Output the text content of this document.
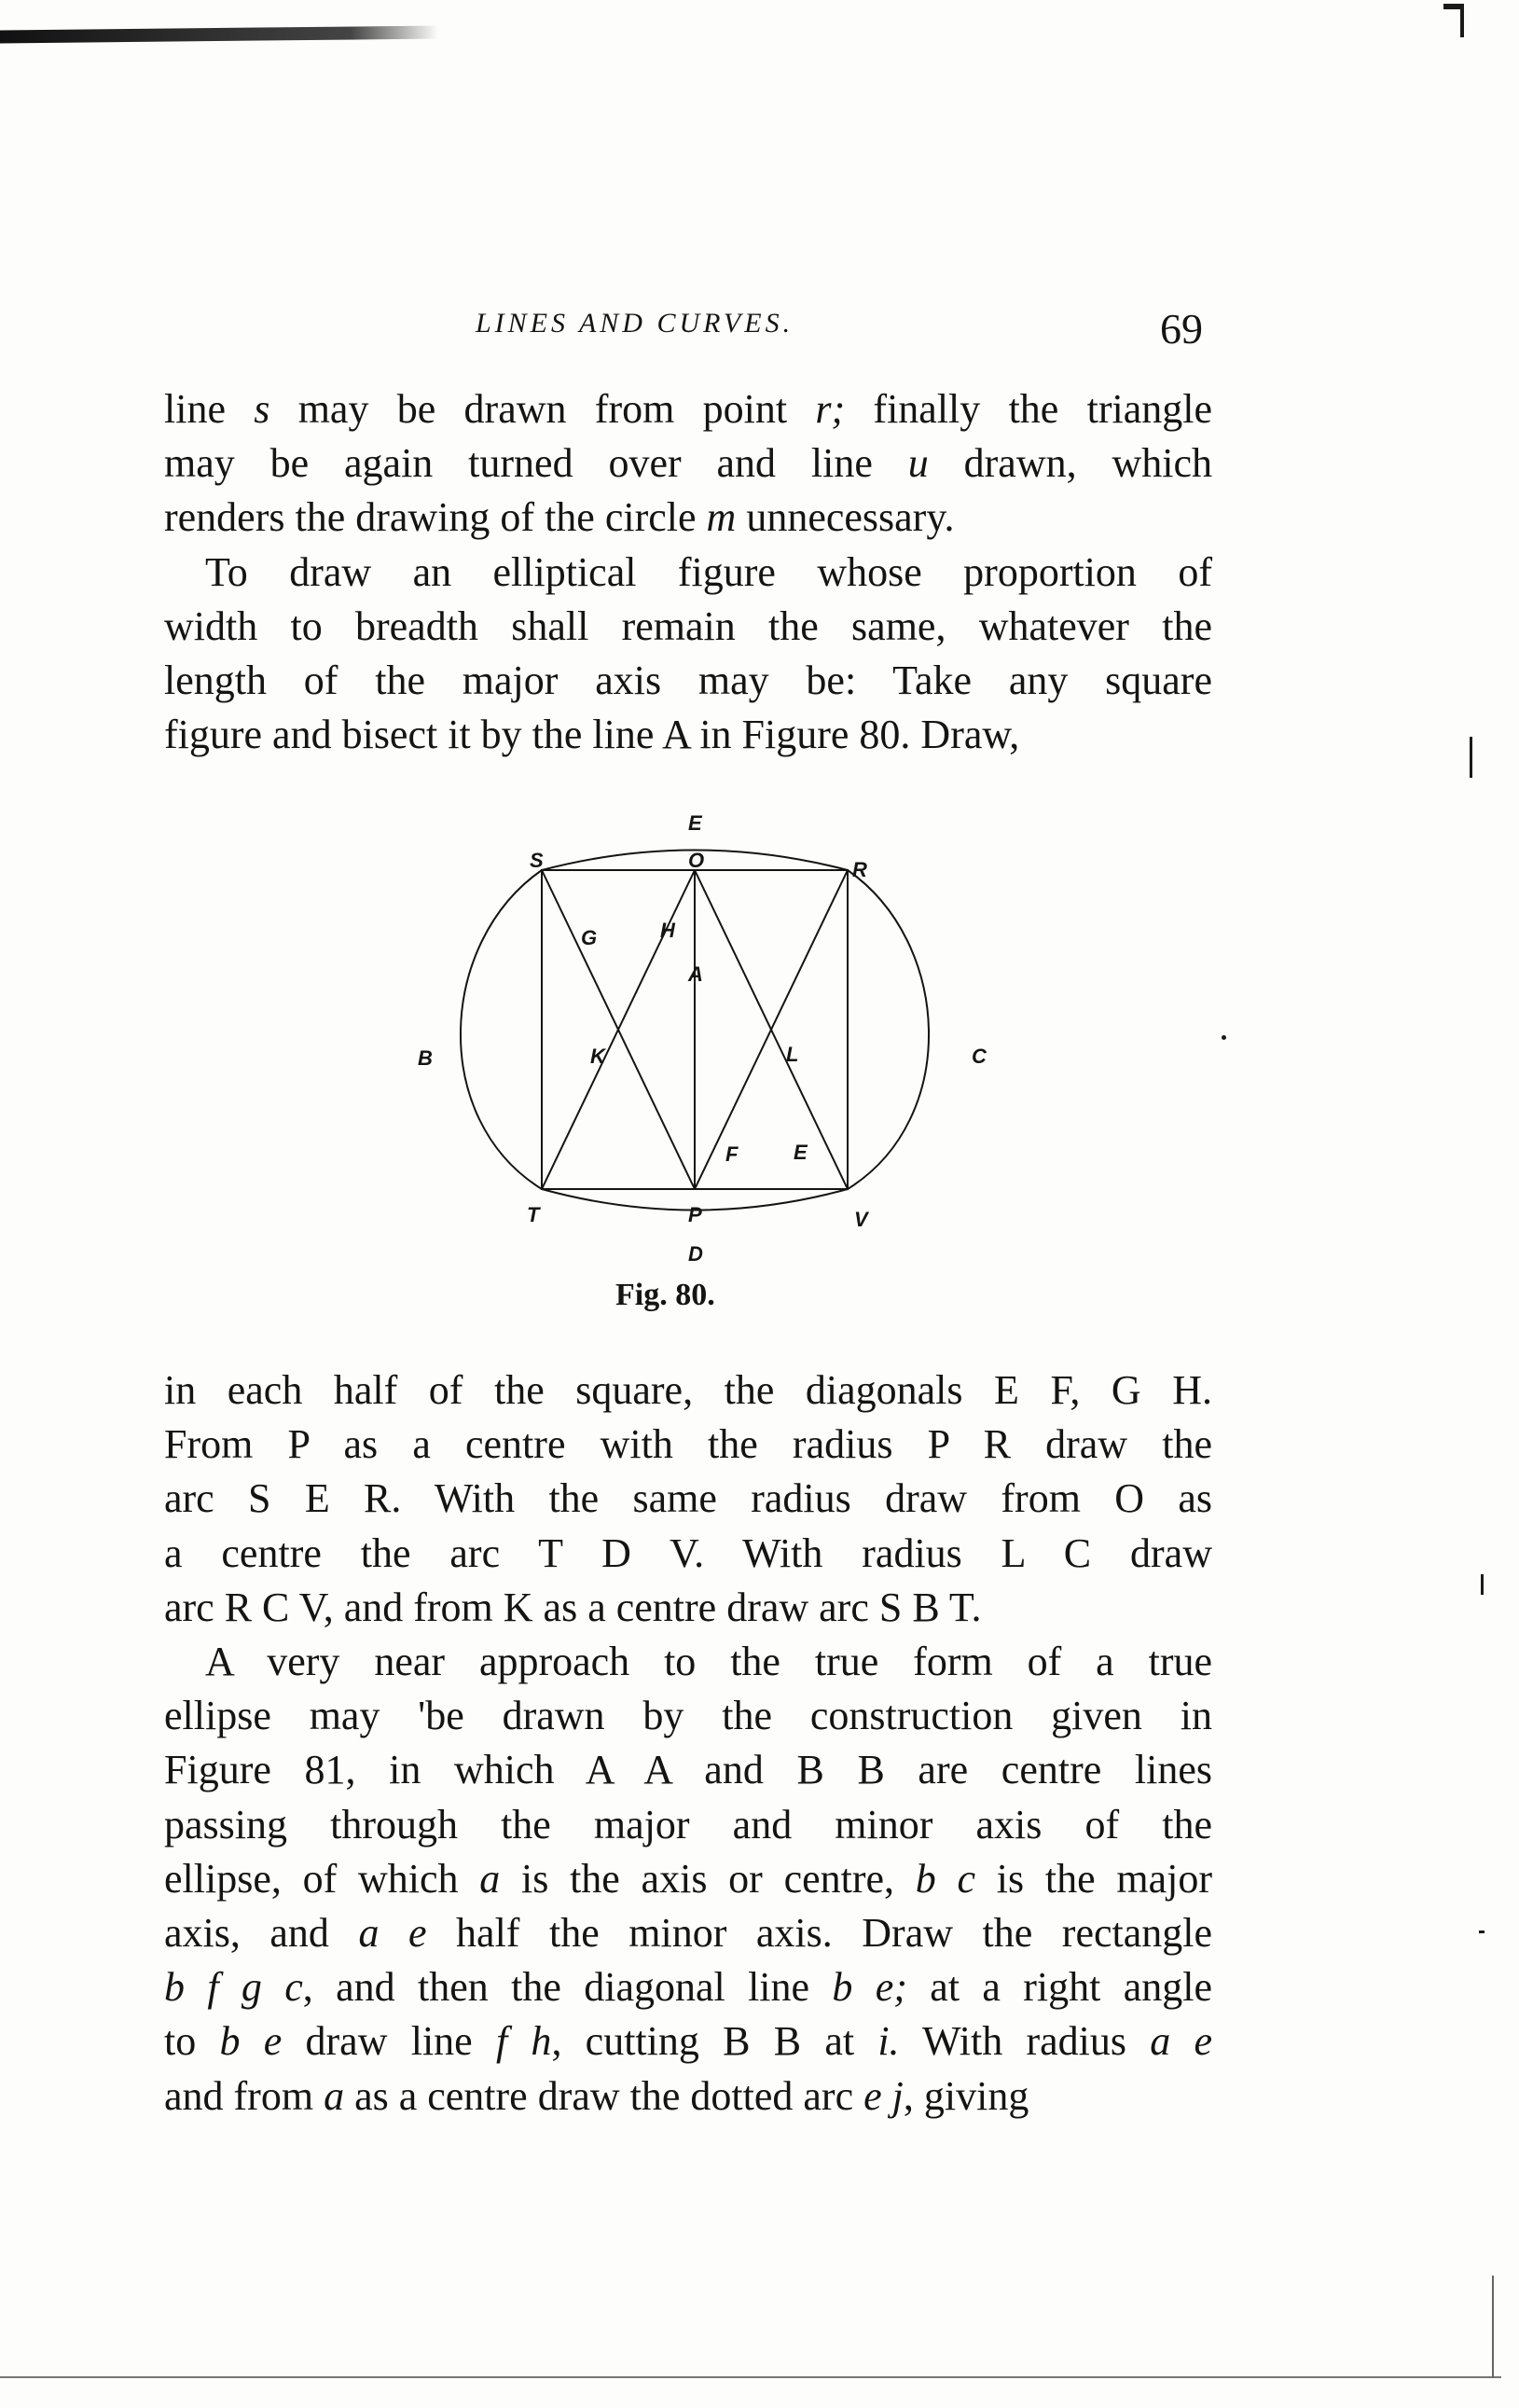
LINES AND CURVES.	69
line s may be drawn from point r; finally the triangle
may be again turned over and line u drawn, which
renders the drawing of the circle m unnecessary.
To draw an elliptical figure whose proportion of
width to breadth shall remain the same, whatever the
length of the major axis may be: Take any square
figure and bisect it by the line A in Figure 80. Draw,
E
O
S	R
G	H
A
B	K	L	C
F	E
T	P	V
D
Fig. 80.
in each half of the square, the diagonals E F, G H.
From P as a centre with the radius P R draw the
arc S E R. With the same radius draw from O as
a centre the arc T D V. With radius L C draw
arc R C V, and from K as a centre draw arc S B T.
A very near approach to the true form of a true
ellipse may 'be drawn by the construction given in
Figure 81, in which A A and B B are centre lines
passing through the major and minor axis of the
ellipse, of which a is the axis or centre, b c is the major
axis, and a e half the minor axis. Draw the rectangle
b f g c, and then the diagonal line b e; at a right angle
to b e draw line f h, cutting B B at i. With radius a e
and from a as a centre draw the dotted arc e j, giving
